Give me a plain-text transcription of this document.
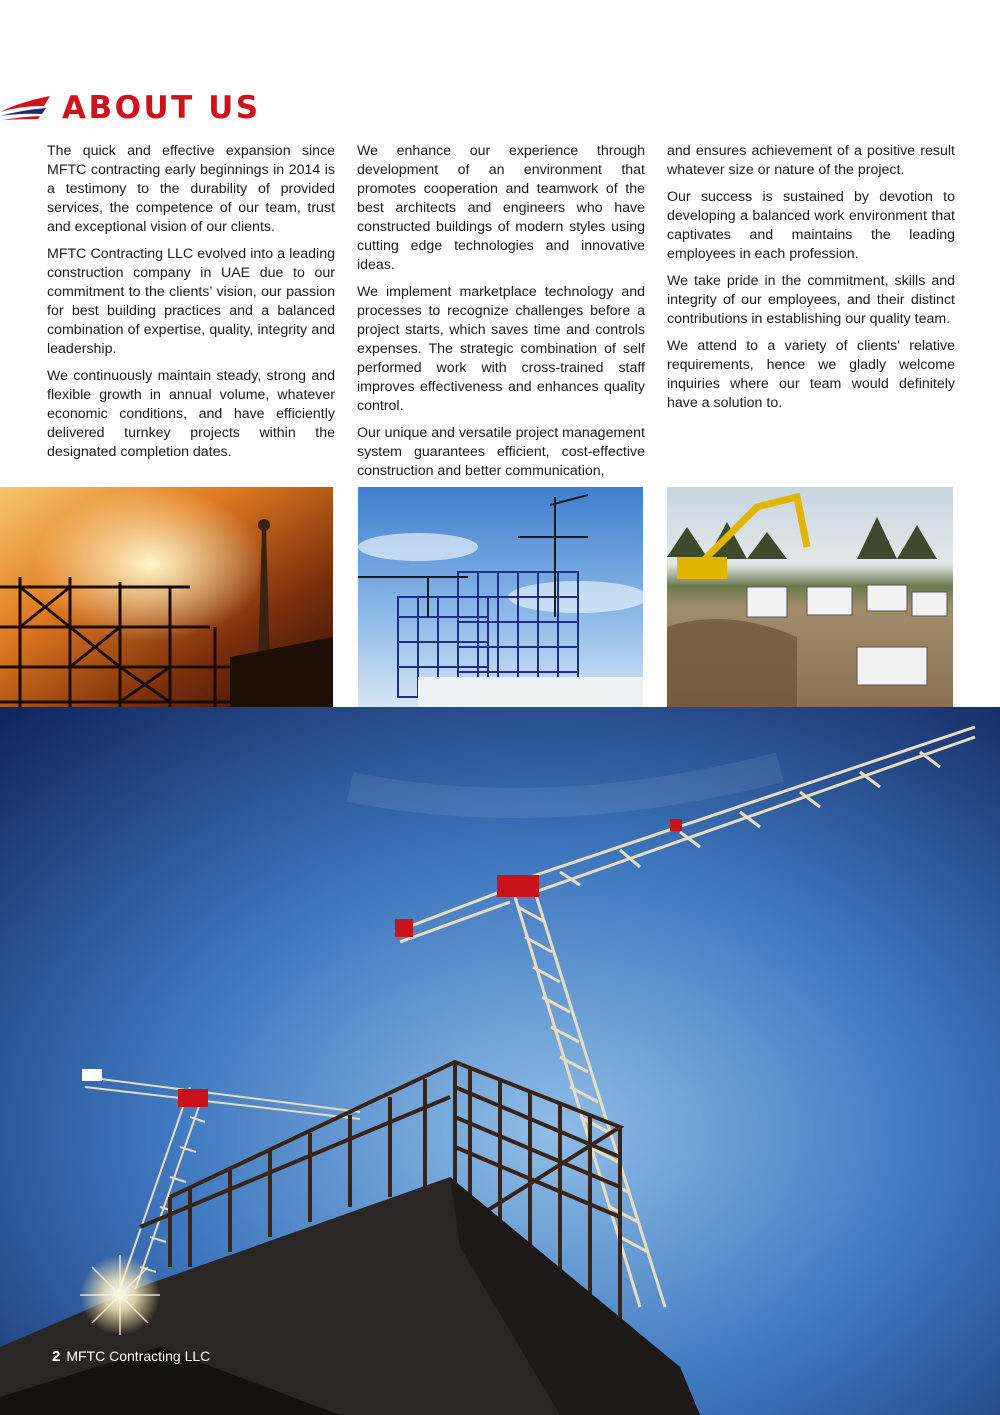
ABOUT US

The quick and effective expansion since MFTC contracting early beginnings in 2014 is a testimony to the durability of provided services, the competence of our team, trust and exceptional vision of our clients.

MFTC Contracting LLC evolved into a leading construction company in UAE due to our commitment to the clients’ vision, our passion for best building practices and a balanced combination of expertise, quality, integrity and leadership.

We continuously maintain steady, strong and flexible growth in annual volume, whatever economic conditions, and have efficiently delivered turnkey projects within the designated completion dates.

We enhance our experience through development of an environment that promotes cooperation and teamwork of the best architects and engineers who have constructed buildings of modern styles using cutting edge technologies and innovative ideas.

We implement marketplace technology and processes to recognize challenges before a project starts, which saves time and controls expenses. The strategic combination of self performed work with cross-trained staff improves effectiveness and enhances quality control.

Our unique and versatile project management system guarantees efficient, cost-effective construction and better communication,

and ensures achievement of a positive result whatever size or nature of the project.

Our success is sustained by devotion to developing a balanced work environment that captivates and maintains the leading employees in each profession.

We take pride in the commitment, skills and integrity of our employees, and their distinct contributions in establishing our quality team.

We attend to a variety of clients' relative requirements, hence we gladly welcome inquiries where our team would definitely have a solution to.

2 MFTC Contracting LLC
